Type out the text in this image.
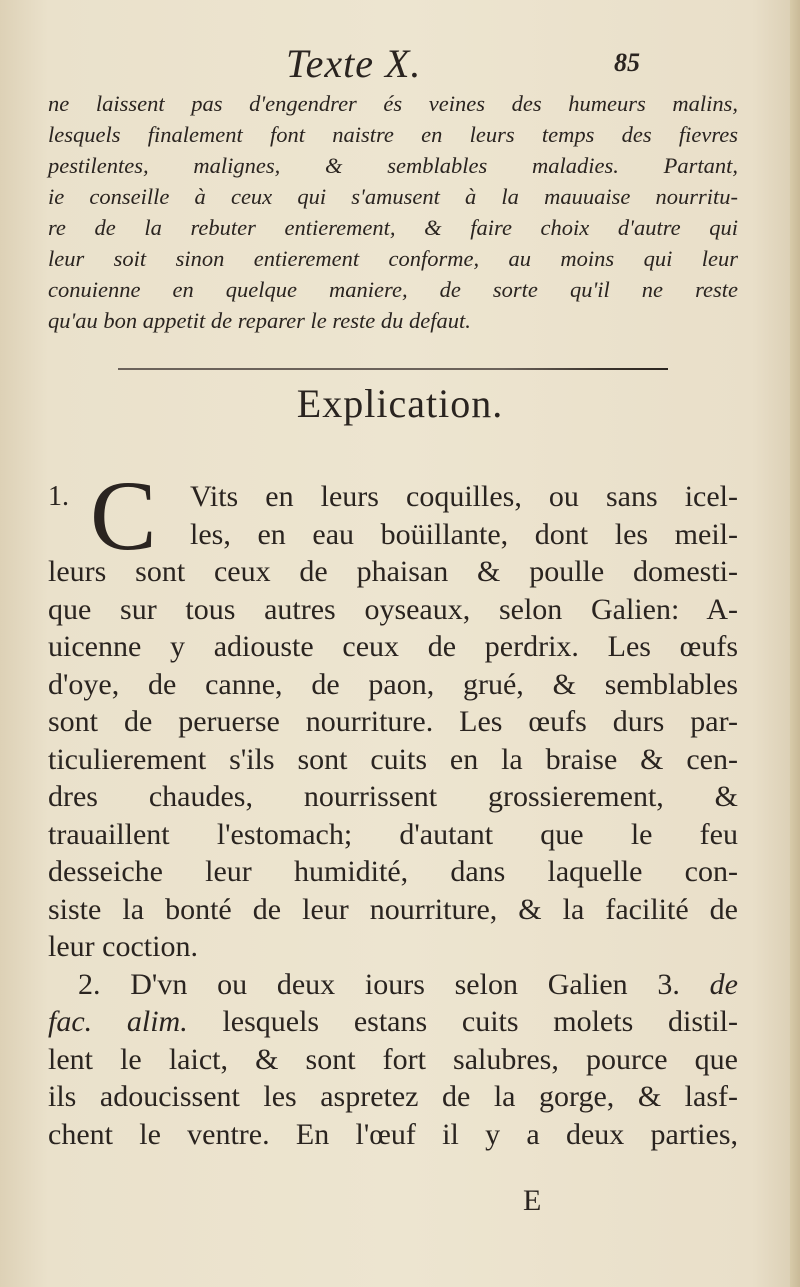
Texte X.	85
ne laissent pas d'engendrer és veines des humeurs malins,
lesquels finalement font naistre en leurs temps des fievres
pestilentes, malignes, & semblables maladies. Partant,
ie conseille à ceux qui s'amusent à la mauuaise nourritu-
re de la rebuter entierement, & faire choix d'autre qui
leur soit sinon entierement conforme, au moins qui leur
conuienne en quelque maniere, de sorte qu'il ne reste
qu'au bon appetit de reparer le reste du defaut.
Explication.
1. C	Vits en leurs coquilles, ou sans icel-
les, en eau boüillante, dont les meil-
leurs sont ceux de phaisan & poulle domesti-
que sur tous autres oyseaux, selon Galien: A-
uicenne y adiouste ceux de perdrix. Les œufs
d'oye, de canne, de paon, grué, & semblables
sont de peruerse nourriture. Les œufs durs par-
ticulierement s'ils sont cuits en la braise & cen-
dres chaudes, nourrissent grossierement, &
trauaillent l'estomach; d'autant que le feu
desseiche leur humidité, dans laquelle con-
siste la bonté de leur nourriture, & la facilité de
leur coction.
2. D'vn ou deux iours selon Galien 3. de
fac. alim. lesquels estans cuits molets distil-
lent le laict, & sont fort salubres, pource que
ils adoucissent les aspretez de la gorge, & lasf-
chent le ventre. En l'œuf il y a deux parties,
E
